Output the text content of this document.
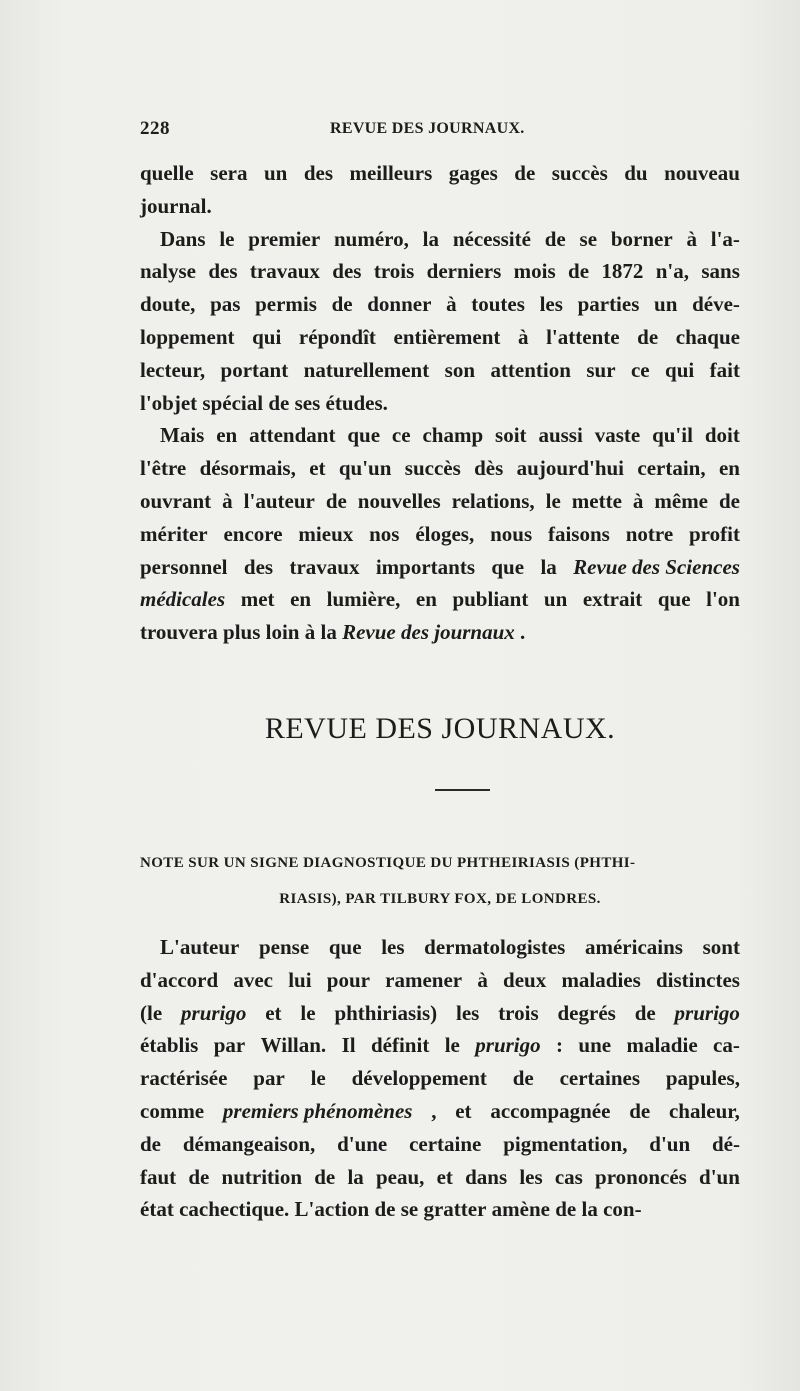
228	REVUE DES JOURNAUX.
quelle sera un des meilleurs gages de succès du nouveau
journal.
Dans le premier numéro, la nécessité de se borner à l'a-
nalyse des travaux des trois derniers mois de 1872 n'a, sans
doute, pas permis de donner à toutes les parties un déve-
loppement qui répondît entièrement à l'attente de chaque
lecteur, portant naturellement son attention sur ce qui fait
l'objet spécial de ses études.
Mais en attendant que ce champ soit aussi vaste qu'il doit
l'être désormais, et qu'un succès dès aujourd'hui certain, en
ouvrant à l'auteur de nouvelles relations, le mette à même de
mériter encore mieux nos éloges, nous faisons notre profit
personnel des travaux importants que la Revue des Sciences
médicales met en lumière, en publiant un extrait que l'on
trouvera plus loin à la Revue des journaux .
REVUE DES JOURNAUX.
NOTE SUR UN SIGNE DIAGNOSTIQUE DU PHTHEIRIASIS (PHTHI-
RIASIS), PAR TILBURY FOX, DE LONDRES.
L'auteur pense que les dermatologistes américains sont
d'accord avec lui pour ramener à deux maladies distinctes
(le prurigo et le phthiriasis) les trois degrés de prurigo
établis par Willan. Il définit le prurigo : une maladie ca-
ractérisée par le développement de certaines papules,
comme premiers phénomènes , et accompagnée de chaleur,
de démangeaison, d'une certaine pigmentation, d'un dé-
faut de nutrition de la peau, et dans les cas prononcés d'un
état cachectique. L'action de se gratter amène de la con-
